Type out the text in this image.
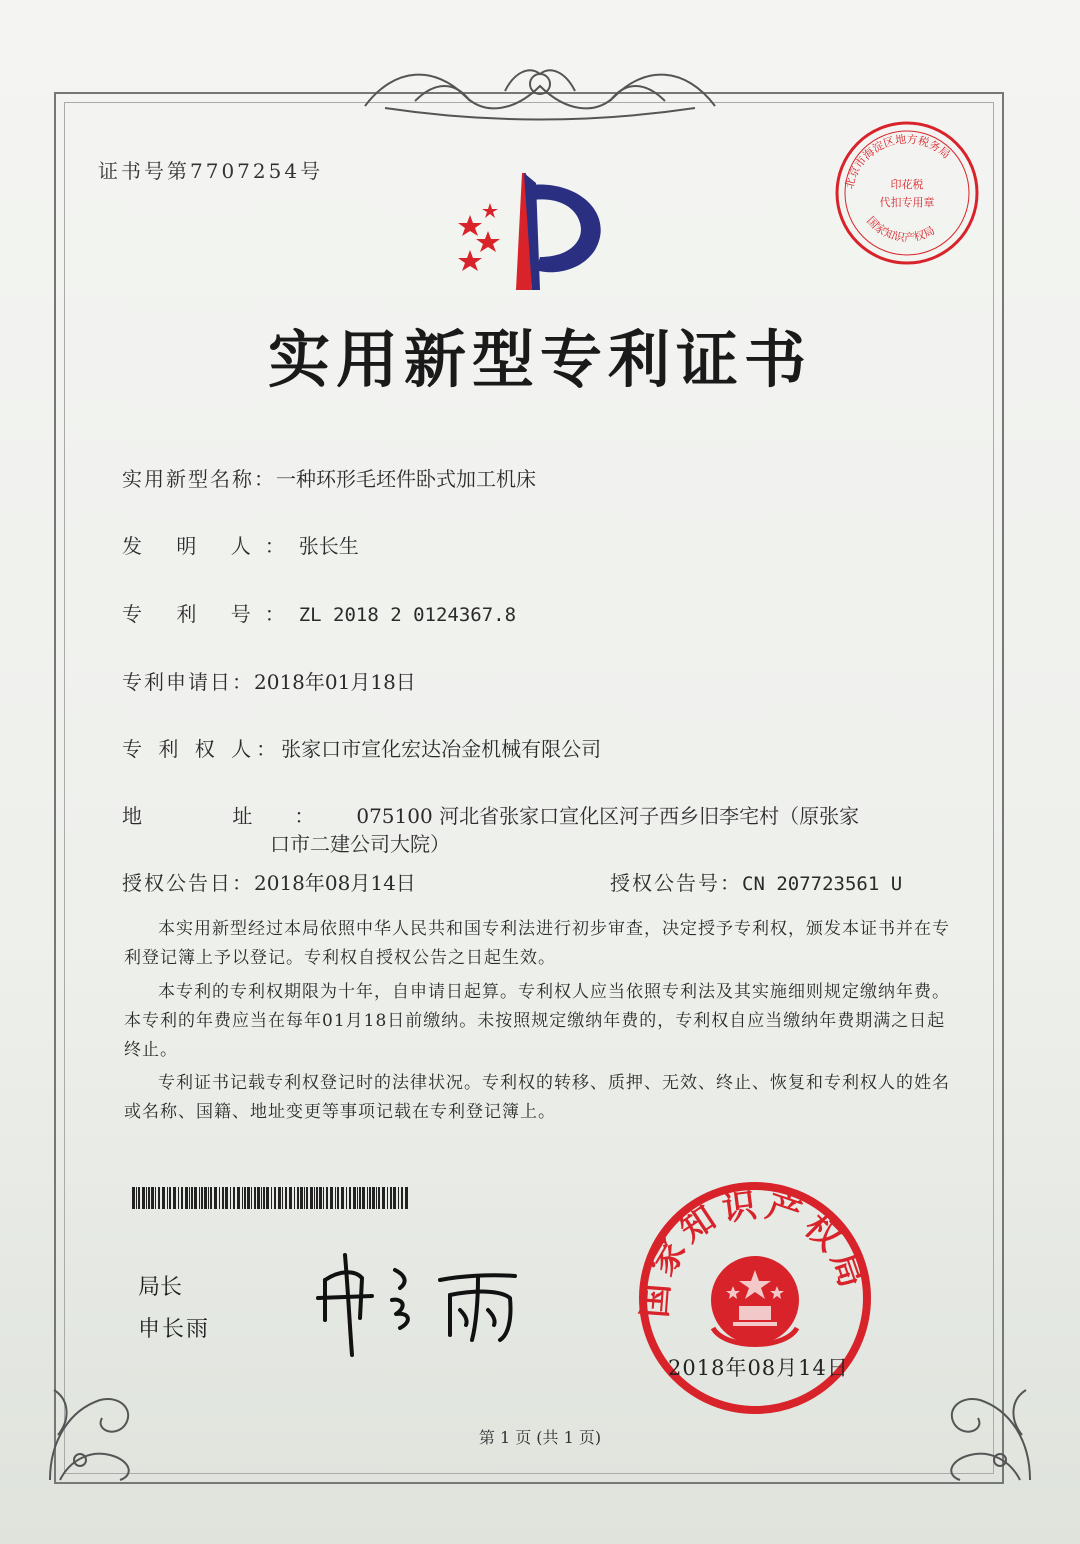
证书号第7707254号
北京市海淀区地方税务局
印花税
代扣专用章
国家知识产权局
实用新型专利证书
实用新型名称：一种环形毛坯件卧式加工机床
发 明 人：张长生
专 利 号：ZL 2018 2 0124367.8
专利申请日：2018年01月18日
专 利 权 人：张家口市宣化宏达冶金机械有限公司
地 址：075100 河北省张家口宣化区河子西乡旧李宅村（原张家
口市二建公司大院）
授权公告日：2018年08月14日	授权公告号：CN 207723561 U
本实用新型经过本局依照中华人民共和国专利法进行初步审查，决定授予专利权，颁发本证书并在专利登记簿上予以登记。专利权自授权公告之日起生效。
本专利的专利权期限为十年，自申请日起算。专利权人应当依照专利法及其实施细则规定缴纳年费。本专利的年费应当在每年01月18日前缴纳。未按照规定缴纳年费的，专利权自应当缴纳年费期满之日起终止。
专利证书记载专利权登记时的法律状况。专利权的转移、质押、无效、终止、恢复和专利权人的姓名或名称、国籍、地址变更等事项记载在专利登记簿上。
局长
申长雨
国家知识产权局
2018年08月14日
第 1 页 (共 1 页)
